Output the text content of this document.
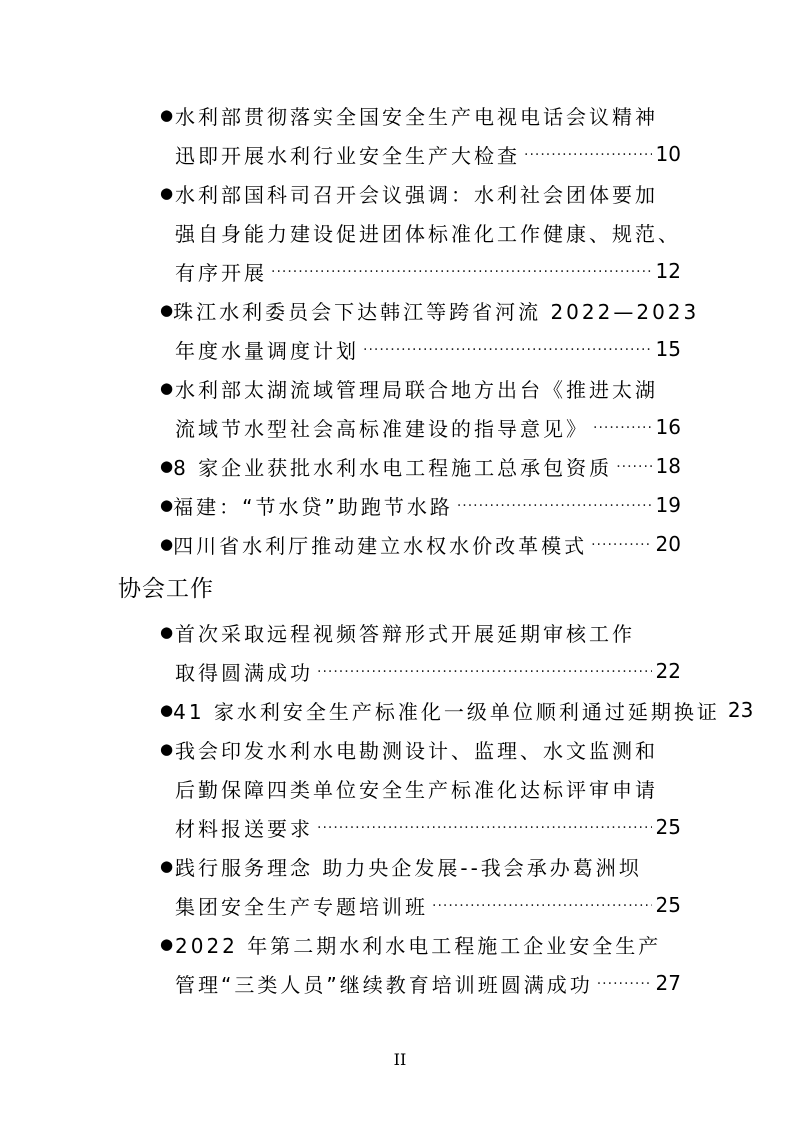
● 水利部贯彻落实全国安全生产电视电话会议精神
迅即开展水利行业安全生产大检查 ·····	10
● 水利部国科司召开会议强调：水利社会团体要加
强自身能力建设促进团体标准化工作健康、规范、
有序开展 ·····	12
● 珠江水利委员会下达韩江等跨省河流 2022—2023
年度水量调度计划 ·····	15
● 水利部太湖流域管理局联合地方出台《推进太湖
流域节水型社会高标准建设的指导意见》 ·····	16
● 8 家企业获批水利水电工程施工总承包资质 ····· 18
● 福建：“节水贷”助跑节水路 ·····	19
● 四川省水利厅推动建立水权水价改革模式 ·····	20
协会工作
● 首次采取远程视频答辩形式开展延期审核工作
取得圆满成功 ·····	22
● 41 家水利安全生产标准化一级单位顺利通过延期换证 23
● 我会印发水利水电勘测设计、监理、水文监测和
后勤保障四类单位安全生产标准化达标评审申请
材料报送要求 ·····	25
● 践行服务理念 助力央企发展--我会承办葛洲坝
集团安全生产专题培训班 ·····	25
● 2022 年第二期水利水电工程施工企业安全生产
管理“三类人员”继续教育培训班圆满成功 ·····	27
II
